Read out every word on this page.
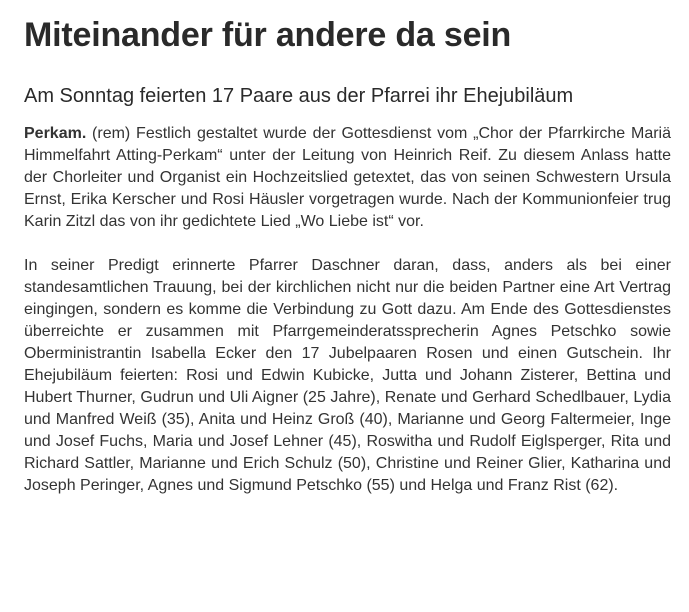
Miteinander für andere da sein
Am Sonntag feierten 17 Paare aus der Pfarrei ihr Ehejubiläum

Perkam. (rem) Festlich gestaltet wurde der Gottesdienst vom „Chor der Pfarrkirche Mariä Himmelfahrt Atting-Perkam“ unter der Leitung von Heinrich Reif. Zu diesem Anlass hatte der Chorleiter und Organist ein Hochzeitslied getextet, das von seinen Schwestern Ursula Ernst, Erika Kerscher und Rosi Häusler vorgetragen wurde. Nach der Kommunionfeier trug Karin Zitzl das von ihr gedichtete Lied „Wo Liebe ist“ vor.

In seiner Predigt erinnerte Pfarrer Daschner daran, dass, anders als bei einer standesamtlichen Trauung, bei der kirchlichen nicht nur die beiden Partner eine Art Vertrag eingingen, sondern es komme die Verbindung zu Gott dazu. Am Ende des Gottesdienstes überreichte er zusammen mit Pfarrgemeinderatssprecherin Agnes Petschko sowie Oberministrantin Isabella Ecker den 17 Jubelpaaren Rosen und einen Gutschein. Ihr Ehejubiläum feierten: Rosi und Edwin Kubicke, Jutta und Johann Zisterer, Bettina und Hubert Thurner, Gudrun und Uli Aigner (25 Jahre), Renate und Gerhard Schedlbauer, Lydia und Manfred Weiß (35), Anita und Heinz Groß (40), Marianne und Georg Faltermeier, Inge und Josef Fuchs, Maria und Josef Lehner (45), Roswitha und Rudolf Eiglsperger, Rita und Richard Sattler, Marianne und Erich Schulz (50), Christine und Reiner Glier, Katharina und Joseph Peringer, Agnes und Sigmund Petschko (55) und Helga und Franz Rist (62).
